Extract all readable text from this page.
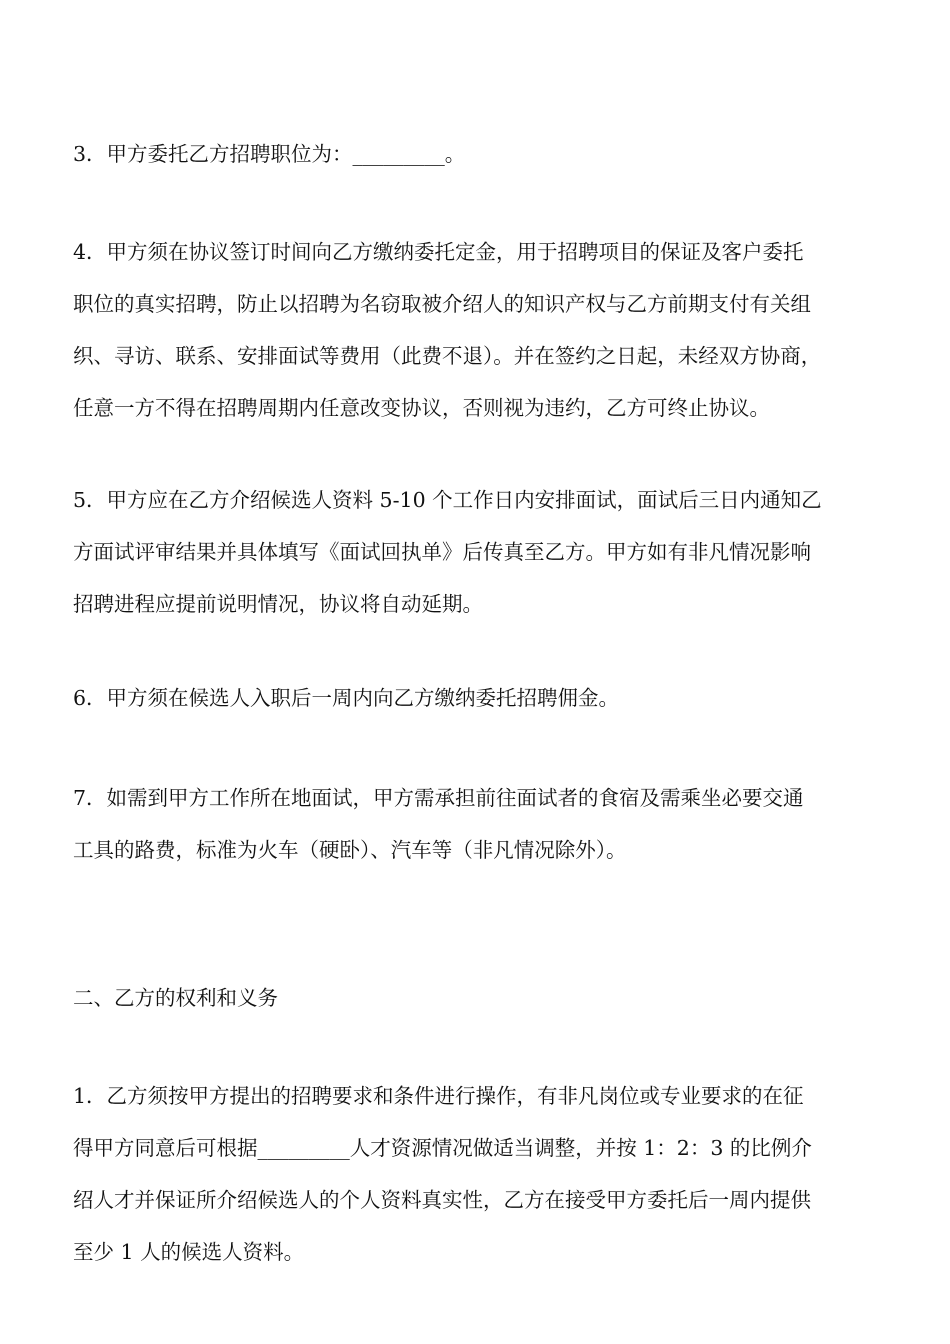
3．甲方委托乙方招聘职位为：_________。
4．甲方须在协议签订时间向乙方缴纳委托定金，用于招聘项目的保证及客户委托
职位的真实招聘，防止以招聘为名窃取被介绍人的知识产权与乙方前期支付有关组
织、寻访、联系、安排面试等费用（此费不退）。并在签约之日起，未经双方协商，
任意一方不得在招聘周期内任意改变协议，否则视为违约，乙方可终止协议。
5．甲方应在乙方介绍候选人资料 5-10 个工作日内安排面试，面试后三日内通知乙
方面试评审结果并具体填写《面试回执单》后传真至乙方。甲方如有非凡情况影响
招聘进程应提前说明情况，协议将自动延期。
6．甲方须在候选人入职后一周内向乙方缴纳委托招聘佣金。
7．如需到甲方工作所在地面试，甲方需承担前往面试者的食宿及需乘坐必要交通
工具的路费，标准为火车（硬卧）、汽车等（非凡情况除外）。
二、乙方的权利和义务
1．乙方须按甲方提出的招聘要求和条件进行操作，有非凡岗位或专业要求的在征
得甲方同意后可根据_________人才资源情况做适当调整，并按 1：2：3 的比例介
绍人才并保证所介绍候选人的个人资料真实性，乙方在接受甲方委托后一周内提供
至少 1 人的候选人资料。
